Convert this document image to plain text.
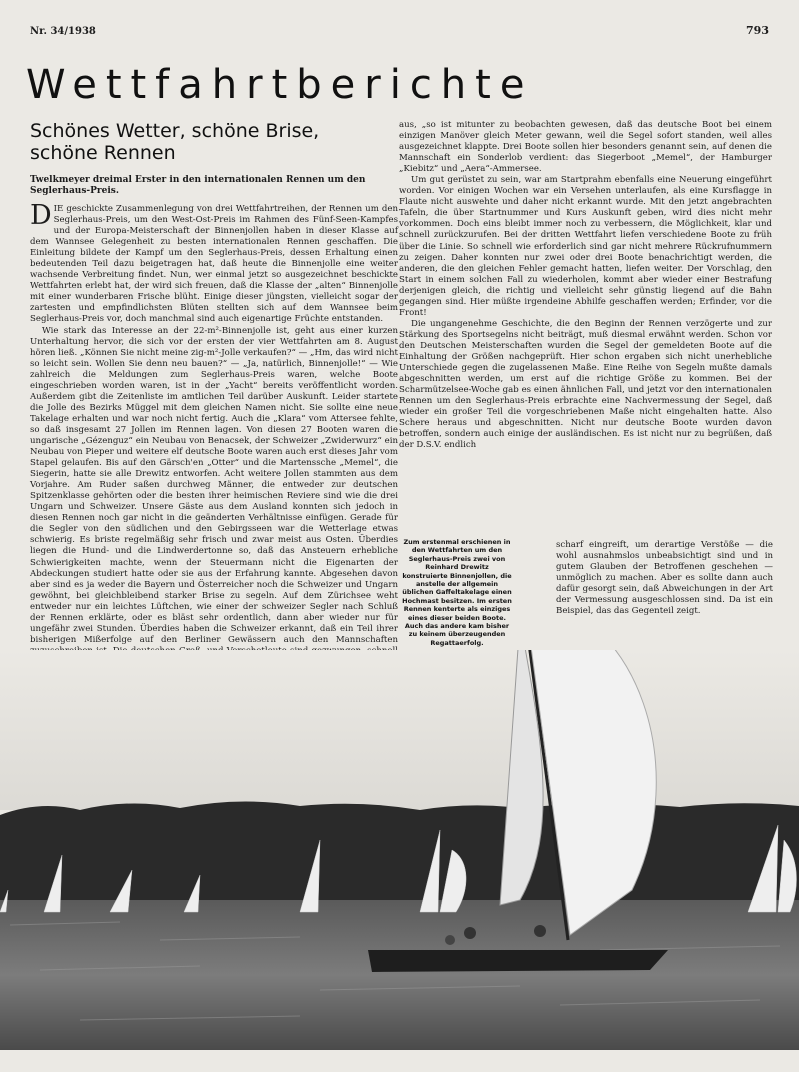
Nr. 34/1938	793
Wettfahrtberichte
Schönes Wetter, schöne Brise, schöne Rennen
Twelkmeyer dreimal Erster in den internationalen Rennen um den Seglerhaus-Preis.

DIE geschickte Zusammenlegung von drei Wettfahrtreihen, der Rennen um den Seglerhaus-Preis, um den West-Ost-Preis im Rahmen des Fünf-Seen-Kampfes und der Europa-Meisterschaft der Binnenjollen haben in dieser Klasse auf dem Wannsee Gelegenheit zu besten internationalen Rennen geschaffen. Die Einleitung bildete der Kampf um den Seglerhaus-Preis, dessen Erhaltung einen bedeutenden Teil dazu beigetragen hat, daß heute die Binnenjolle eine weiter wachsende Verbreitung findet. Nun, wer einmal jetzt so ausgezeichnet beschickte Wettfahrten erlebt hat, der wird sich freuen, daß die Klasse der „alten“ Binnenjolle mit einer wunderbaren Frische blüht. Einige dieser jüngsten, vielleicht sogar der zartesten und empfindlichsten Blüten stellten sich auf dem Wannsee beim Seglerhaus-Preis vor, doch manchmal sind auch eigenartige Früchte entstanden.

Wie stark das Interesse an der 22-m²-Binnenjolle ist, geht aus einer kurzen Unterhaltung hervor, die sich vor der ersten der vier Wettfahrten am 8. August hören ließ. „Können Sie nicht meine zig-m²-Jolle verkaufen?“ — „Hm, das wird nicht so leicht sein. Wollen Sie denn neu bauen?“ — „Ja, natürlich, Binnenjolle!“ — Wie zahlreich die Meldungen zum Seglerhaus-Preis waren, welche Boote eingeschrieben worden waren, ist in der „Yacht“ bereits veröffentlicht worden. Außerdem gibt die Zeitenliste im amtlichen Teil darüber Auskunft. Leider startete die Jolle des Bezirks Müggel mit dem gleichen Namen nicht. Sie sollte eine neue Takelage erhalten und war noch nicht fertig. Auch die „Klara“ vom Attersee fehlte, so daß insgesamt 27 Jollen im Rennen lagen. Von diesen 27 Booten waren die ungarische „Gézenguz“ ein Neubau von Benacsek, der Schweizer „Zwiderwurz“ ein Neubau von Pieper und weitere elf deutsche Boote waren auch erst dieses Jahr vom Stapel gelaufen. Bis auf den Gärsch'en „Otter“ und die Martenssche „Memel“, die Siegerin, hatte sie alle Drewitz entworfen. Acht weitere Jollen stammten aus dem Vorjahre. Am Ruder saßen durchweg Männer, die entweder zur deutschen Spitzenklasse gehörten oder die besten ihrer heimischen Reviere sind wie die drei Ungarn und Schweizer. Unsere Gäste aus dem Ausland konnten sich jedoch in diesen Rennen noch gar nicht in die geänderten Verhältnisse einfügen. Gerade für die Segler von den südlichen und den Gebirgsseen war die Wetterlage etwas schwierig. Es briste regelmäßig sehr frisch und zwar meist aus Osten. Überdies liegen die Hund- und die Lindwerdertonne so, daß das Ansteuern erhebliche Schwierigkeiten machte, wenn der Steuermann nicht die Eigenarten der Abdeckungen studiert hatte oder sie aus der Erfahrung kannte. Abgesehen davon aber sind es ja weder die Bayern und Österreicher noch die Schweizer und Ungarn gewöhnt, bei gleichbleibend starker Brise zu segeln. Auf dem Zürichsee weht entweder nur ein leichtes Lüftchen, wie einer der schweizer Segler nach Schluß der Rennen erklärte, oder es bläst sehr ordentlich, dann aber wieder nur für ungefähr zwei Stunden. Überdies haben die Schweizer erkannt, daß ein Teil ihrer bisherigen Mißerfolge auf den Berliner Gewässern auch den Mannschaften

aus, „so ist mitunter zu beobachten gewesen, daß das deutsche Boot bei einem einzigen Manöver gleich Meter gewann, weil die Segel sofort standen, weil alles ausgezeichnet klappte. Drei Boote sollen hier besonders genannt sein, auf denen die Mannschaft ein Sonderlob verdient: das Siegerboot „Memel“, der Hamburger „Kiebitz“ und „Aera“-Ammersee.

Um gut gerüstet zu sein, war am Startprahm ebenfalls eine Neuerung eingeführt worden. Vor einigen Wochen war ein Versehen unterlaufen, als eine Kursflagge in Flaute nicht auswehte und daher nicht erkannt wurde. Mit den jetzt angebrachten Tafeln, die über Startnummer und Kurs Auskunft geben, wird dies nicht mehr vorkommen. Doch eins bleibt immer noch zu verbessern, die Möglichkeit, klar und schnell zurückzurufen. Bei der dritten Wettfahrt liefen verschiedene Boote zu früh über die Linie. So schnell wie erforderlich sind gar nicht mehrere Rückrufnummern zu zeigen. Daher konnten nur zwei oder drei Boote benachrichtigt werden, die anderen, die den gleichen Fehler gemacht hatten, liefen weiter. Der Vorschlag, den Start in einem solchen Fall zu wiederholen, kommt aber wieder einer Bestrafung derjenigen gleich, die richtig und vielleicht sehr günstig liegend auf die Bahn gegangen sind. Hier müßte irgendeine Abhilfe geschaffen werden; Erfinder, vor die Front!

Die ungangenehme Geschichte, die den Beginn der Rennen verzögerte und zur Stärkung des Sportsegelns nicht beiträgt, muß diesmal erwähnt werden. Schon vor den Deutschen Meisterschaften wurden die Segel der gemeldeten Boote auf die Einhaltung der Größen nachgeprüft. Hier schon ergaben sich nicht unerhebliche Unterschiede gegen die zugelassenen Maße. Eine Reihe von Segeln mußte damals abgeschnitten werden, um erst auf die richtige Größe zu kommen. Bei der Scharmützelsee-Woche gab es einen ähnlichen Fall, und jetzt vor den internationalen Rennen um den Seglerhaus-Preis erbrachte eine Nachvermessung der Segel, daß wieder ein großer Teil die vorgeschriebenen Maße nicht eingehalten hatte. Also Schere heraus und abgeschnitten. Nicht nur deutsche Boote wurden davon betroffen, sondern auch einige der ausländischen. Es ist nicht nur zu begrüßen, daß der D.S.V. endlich

scharf eingreift, um derartige Verstöße — die wohl ausnahmslos unbeabsichtigt sind und in gutem Glauben der Betroffenen geschehen — unmöglich zu machen. Aber es sollte dann auch dafür gesorgt sein, daß Abweichungen in der Art der Vermessung ausgeschlossen sind. Da ist ein Beispiel, das das Gegenteil zeigt.

Zum erstenmal erschienen in den Wettfahrten um den Seglerhaus-Preis zwei von Reinhard Drewitz konstruierte Binnenjollen, die anstelle der allgemein üblichen Gaffeltakelage einen Hochmast besitzen. Im ersten Rennen kenterte als einziges eines dieser beiden Boote. Auch das andere kam bisher zu keinem überzeugenden Regattaerfolg.
